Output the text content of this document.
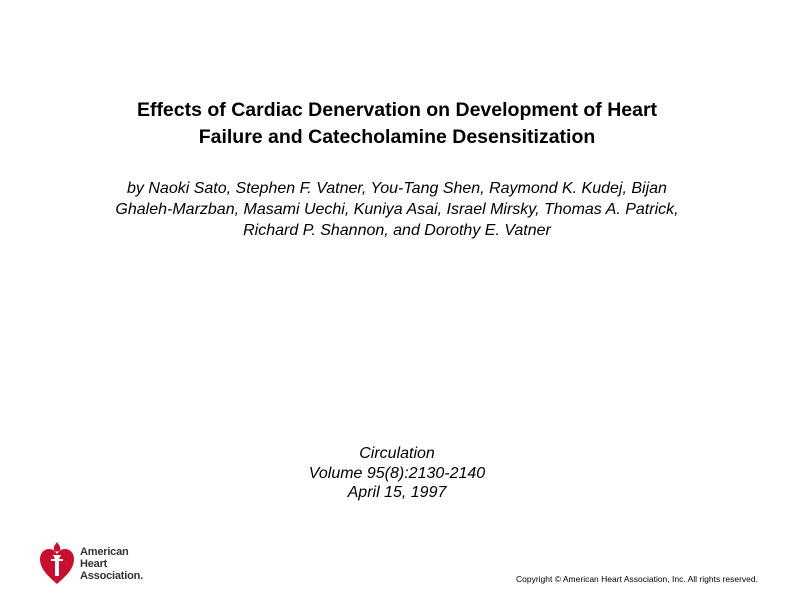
Effects of Cardiac Denervation on Development of Heart
Failure and Catecholamine Desensitization
by Naoki Sato, Stephen F. Vatner, You-Tang Shen, Raymond K. Kudej, Bijan
Ghaleh-Marzban, Masami Uechi, Kuniya Asai, Israel Mirsky, Thomas A. Patrick,
Richard P. Shannon, and Dorothy E. Vatner
Circulation
Volume 95(8):2130-2140
April 15, 1997
American
Heart
Association.	Copyright © American Heart Association, Inc. All rights reserved.
